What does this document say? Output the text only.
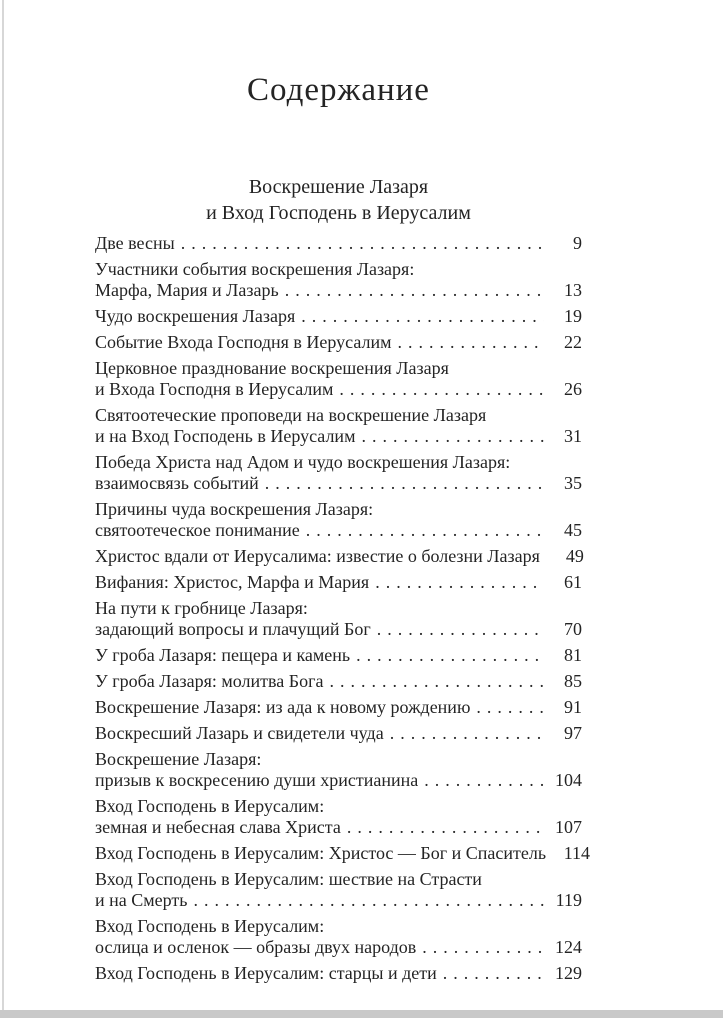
Содержание
Воскрешение Лазаря
и Вход Господень в Иерусалим
Две весны .....	9
Участники события воскрешения Лазаря:
Марфа, Мария и Лазарь .....	13
Чудо воскрешения Лазаря .....	19
Событие Входа Господня в Иерусалим .....	22
Церковное празднование воскрешения Лазаря
и Входа Господня в Иерусалим .....	26
Святоотеческие проповеди на воскрешение Лазаря
и на Вход Господень в Иерусалим .....	31
Победа Христа над Адом и чудо воскрешения Лазаря:
взаимосвязь событий .....	35
Причины чуда воскрешения Лазаря:
святоотеческое понимание .....	45
Христос вдали от Иерусалима: известие о болезни Лазаря	49
Вифания: Христос, Марфа и Мария .....	61
На пути к гробнице Лазаря:
задающий вопросы и плачущий Бог .....	70
У гроба Лазаря: пещера и камень .....	81
У гроба Лазаря: молитва Бога .....	85
Воскрешение Лазаря: из ада к новому рождению .....	91
Воскресший Лазарь и свидетели чуда .....	97
Воскрешение Лазаря:
призыв к воскресению души христианина .....	104
Вход Господень в Иерусалим:
земная и небесная слава Христа .....	107
Вход Господень в Иерусалим: Христос — Бог и Спаситель 114
Вход Господень в Иерусалим: шествие на Страсти
и на Смерть .....	119
Вход Господень в Иерусалим:
ослица и осленок — образы двух народов .....	124
Вход Господень в Иерусалим: старцы и дети .....	129
